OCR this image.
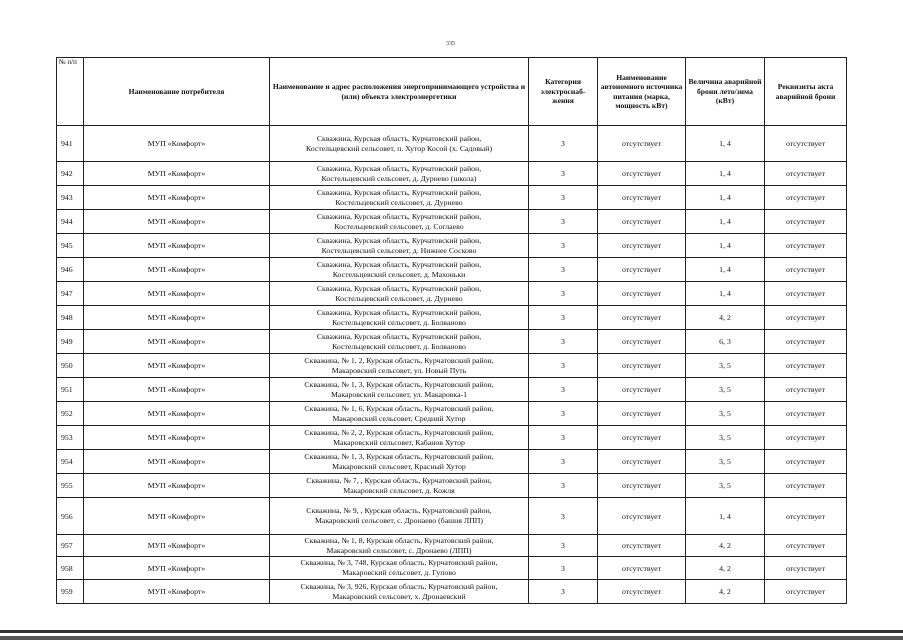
335
№ п/п	Наименование потребителя	Наименование и адрес расположения энергопринимающего устройства и (или) объекта электроэнергетики	Категория электроснаб-жения	Наименование автономного источника питания (марка, мощность кВт)	Величина аварийной брони лето/зима (кВт)	Реквизиты акта аварийной брони
941	МУП «Комфорт»	Скважина, Курская область, Курчатовский район,
Костельцевский сельсовет, п. Хутор Косой (х. Садовый)	3	отсутствует	1, 4	отсутствует
942	МУП «Комфорт»	Скважина, Курская область, Курчатовский район,
Костельцевский сельсовет, д. Дурнево (школа)	3	отсутствует	1, 4	отсутствует
943	МУП «Комфорт»	Скважина, Курская область, Курчатовский район,
Костельцевский сельсовет, д. Дурнево	3	отсутствует	1, 4	отсутствует
944	МУП «Комфорт»	Скважина, Курская область, Курчатовский район,
Костельцевский сельсовет, д. Соглаево	3	отсутствует	1, 4	отсутствует
945	МУП «Комфорт»	Скважина, Курская область, Курчатовский район,
Костельцевский сельсовет, д. Нижнее Сосково	3	отсутствует	1, 4	отсутствует
946	МУП «Комфорт»	Скважина, Курская область, Курчатовский район,
Костельцевский сельсовет, д. Махоньки	3	отсутствует	1, 4	отсутствует
947	МУП «Комфорт»	Скважина, Курская область, Курчатовский район,
Костельцевский сельсовет, д. Дурнево	3	отсутствует	1, 4	отсутствует
948	МУП «Комфорт»	Скважина, Курская область, Курчатовский район,
Костельцевский сельсовет, д. Болваново	3	отсутствует	4, 2	отсутствует
949	МУП «Комфорт»	Скважина, Курская область, Курчатовский район,
Костельцевский сельсовет, д. Болваново	3	отсутствует	6, 3	отсутствует
950	МУП «Комфорт»	Скважина, № 1, 2, Курская область, Курчатовский район,
Макаровский сельсовет, ул. Новый Путь	3	отсутствует	3, 5	отсутствует
951	МУП «Комфорт»	Скважина, № 1, 3, Курская область, Курчатовский район,
Макаровский сельсовет, ул. Макаровка-1	3	отсутствует	3, 5	отсутствует
952	МУП «Комфорт»	Скважина, № 1, 6, Курская область, Курчатовский район,
Макаровский сельсовет, Средний Хутор	3	отсутствует	3, 5	отсутствует
953	МУП «Комфорт»	Скважина, № 2, 2, Курская область, Курчатовский район,
Макаровский сельсовет, Кабанов Хутор	3	отсутствует	3, 5	отсутствует
954	МУП «Комфорт»	Скважина, № 1, 3, Курская область, Курчатовский район,
Макаровский сельсовет, Красный Хутор	3	отсутствует	3, 5	отсутствует
955	МУП «Комфорт»	Скважина, № 7, , Курская область, Курчатовский район,
Макаровский сельсовет, д. Кожля	3	отсутствует	3, 5	отсутствует
956	МУП «Комфорт»	Скважина, № 9, , Курская область, Курчатовский район,
Макаровский сельсовет, с. Дронаево (башня ЛПП)	3	отсутствует	1, 4	отсутствует
957	МУП «Комфорт»	Скважина, № 1, 8, Курская область, Курчатовский район,
Макаровский сельсовет, с. Дронаево (ЛПП)	3	отсутствует	4, 2	отсутствует
958	МУП «Комфорт»	Скважина, № 3, 748, Курская область, Курчатовский район,
Макаровский сельсовет, д. Гупово	3	отсутствует	4, 2	отсутствует
959	МУП «Комфорт»	Скважина, № 3, 926, Курская область, Курчатовский район,
Макаровский сельсовет, х. Дронаевский	3	отсутствует	4, 2	отсутствует
